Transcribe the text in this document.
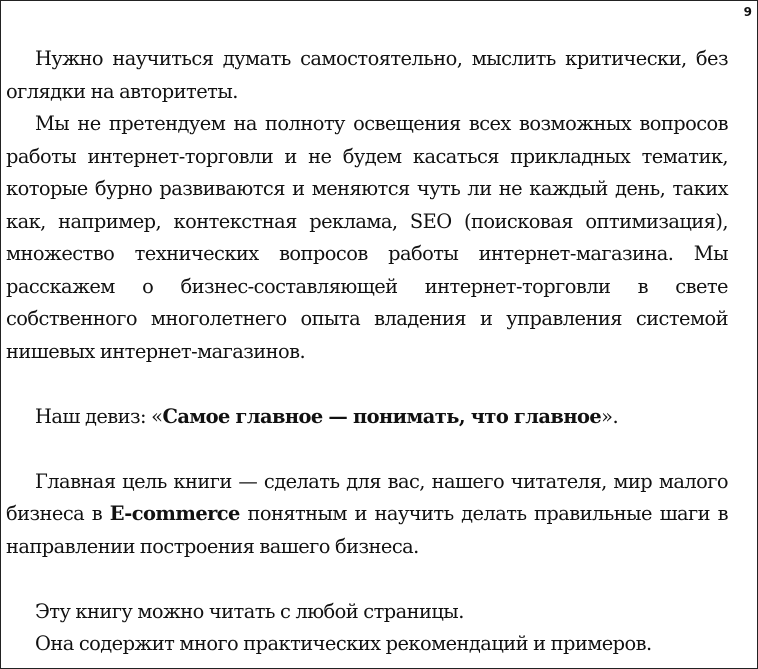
9

Нужно научиться думать самостоятельно, мыслить критически, без оглядки на авторитеты.

Мы не претендуем на полноту освещения всех возможных вопросов работы интернет-торговли и не будем касаться прикладных тематик, которые бурно развиваются и меняются чуть ли не каждый день, таких как, например, контекстная реклама, SEO (поисковая оптимизация), множество технических вопросов работы интернет-магазина. Мы расскажем о бизнес-составляющей интернет-торговли в свете собственного многолетнего опыта владения и управления системой нишевых интернет-магазинов.

Наш девиз: «Самое главное — понимать, что главное».

Главная цель книги — сделать для вас, нашего читателя, мир малого бизнеса в E-commerce понятным и научить делать правильные шаги в направлении построения вашего бизнеса.

Эту книгу можно читать с любой страницы.

Она содержит много практических рекомендаций и примеров.
